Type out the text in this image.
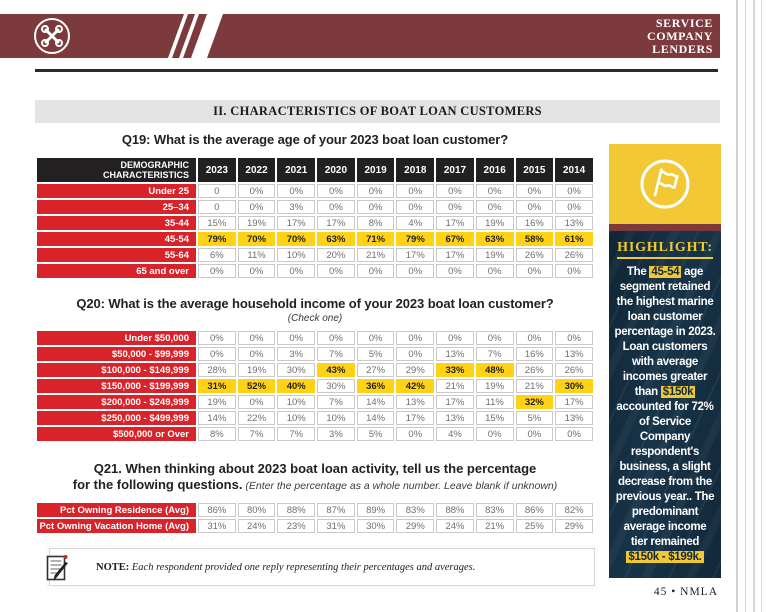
SERVICE
COMPANY
LENDERS
II. CHARACTERISTICS OF BOAT LOAN CUSTOMERS
Q19: What is the average age of your 2023 boat loan customer?
DEMOGRAPHIC
CHARACTERISTICS	2023	2022	2021	2020	2019	2018	2017	2016	2015	2014
Under 25	0	0%	0%	0%	0%	0%	0%	0%	0%	0%
25–34	0	0%	3%	0%	0%	0%	0%	0%	0%	0%
35-44	15%	19%	17%	17%	8%	4%	17%	19%	16%	13%
45-54	79%	70%	70%	63%	71%	79%	67%	63%	58%	61%
55-64	6%	11%	10%	20%	21%	17%	17%	19%	26%	26%
65 and over	0%	0%	0%	0%	0%	0%	0%	0%	0%	0%
Q20: What is the average household income of your 2023 boat loan customer?
(Check one)
Under $50,000	0%	0%	0%	0%	0%	0%	0%	0%	0%	0%
$50,000 - $99,999	0%	0%	3%	7%	5%	0%	13%	7%	16%	13%
$100,000 - $149,999	28%	19%	30%	43%	27%	29%	33%	48%	26%	26%
$150,000 - $199,999	31%	52%	40%	30%	36%	42%	21%	19%	21%	30%
$200,000 - $249,999	19%	0%	10%	7%	14%	13%	17%	11%	32%	17%
$250,000 - $499,999	14%	22%	10%	10%	14%	17%	13%	15%	5%	13%
$500,000 or Over	8%	7%	7%	3%	5%	0%	4%	0%	0%	0%
Q21. When thinking about 2023 boat loan activity, tell us the percentage
for the following questions. (Enter the percentage as a whole number. Leave blank if unknown)
Pct Owning Residence (Avg)	86%	80%	88%	87%	89%	83%	88%	83%	86%	82%
Pct Owning Vacation Home (Avg)	31%	24%	23%	31%	30%	29%	24%	21%	25%	29%
NOTE: Each respondent provided one reply representing their percentages and averages.
HIGHLIGHT:
The 45-54 age segment retained the highest marine loan customer percentage in 2023. Loan customers with average incomes greater than $150k accounted for 72% of Service Company respondent's business, a slight decrease from the previous year.. The predominant average income tier remained $150k - $199k.
45 • NMLA
